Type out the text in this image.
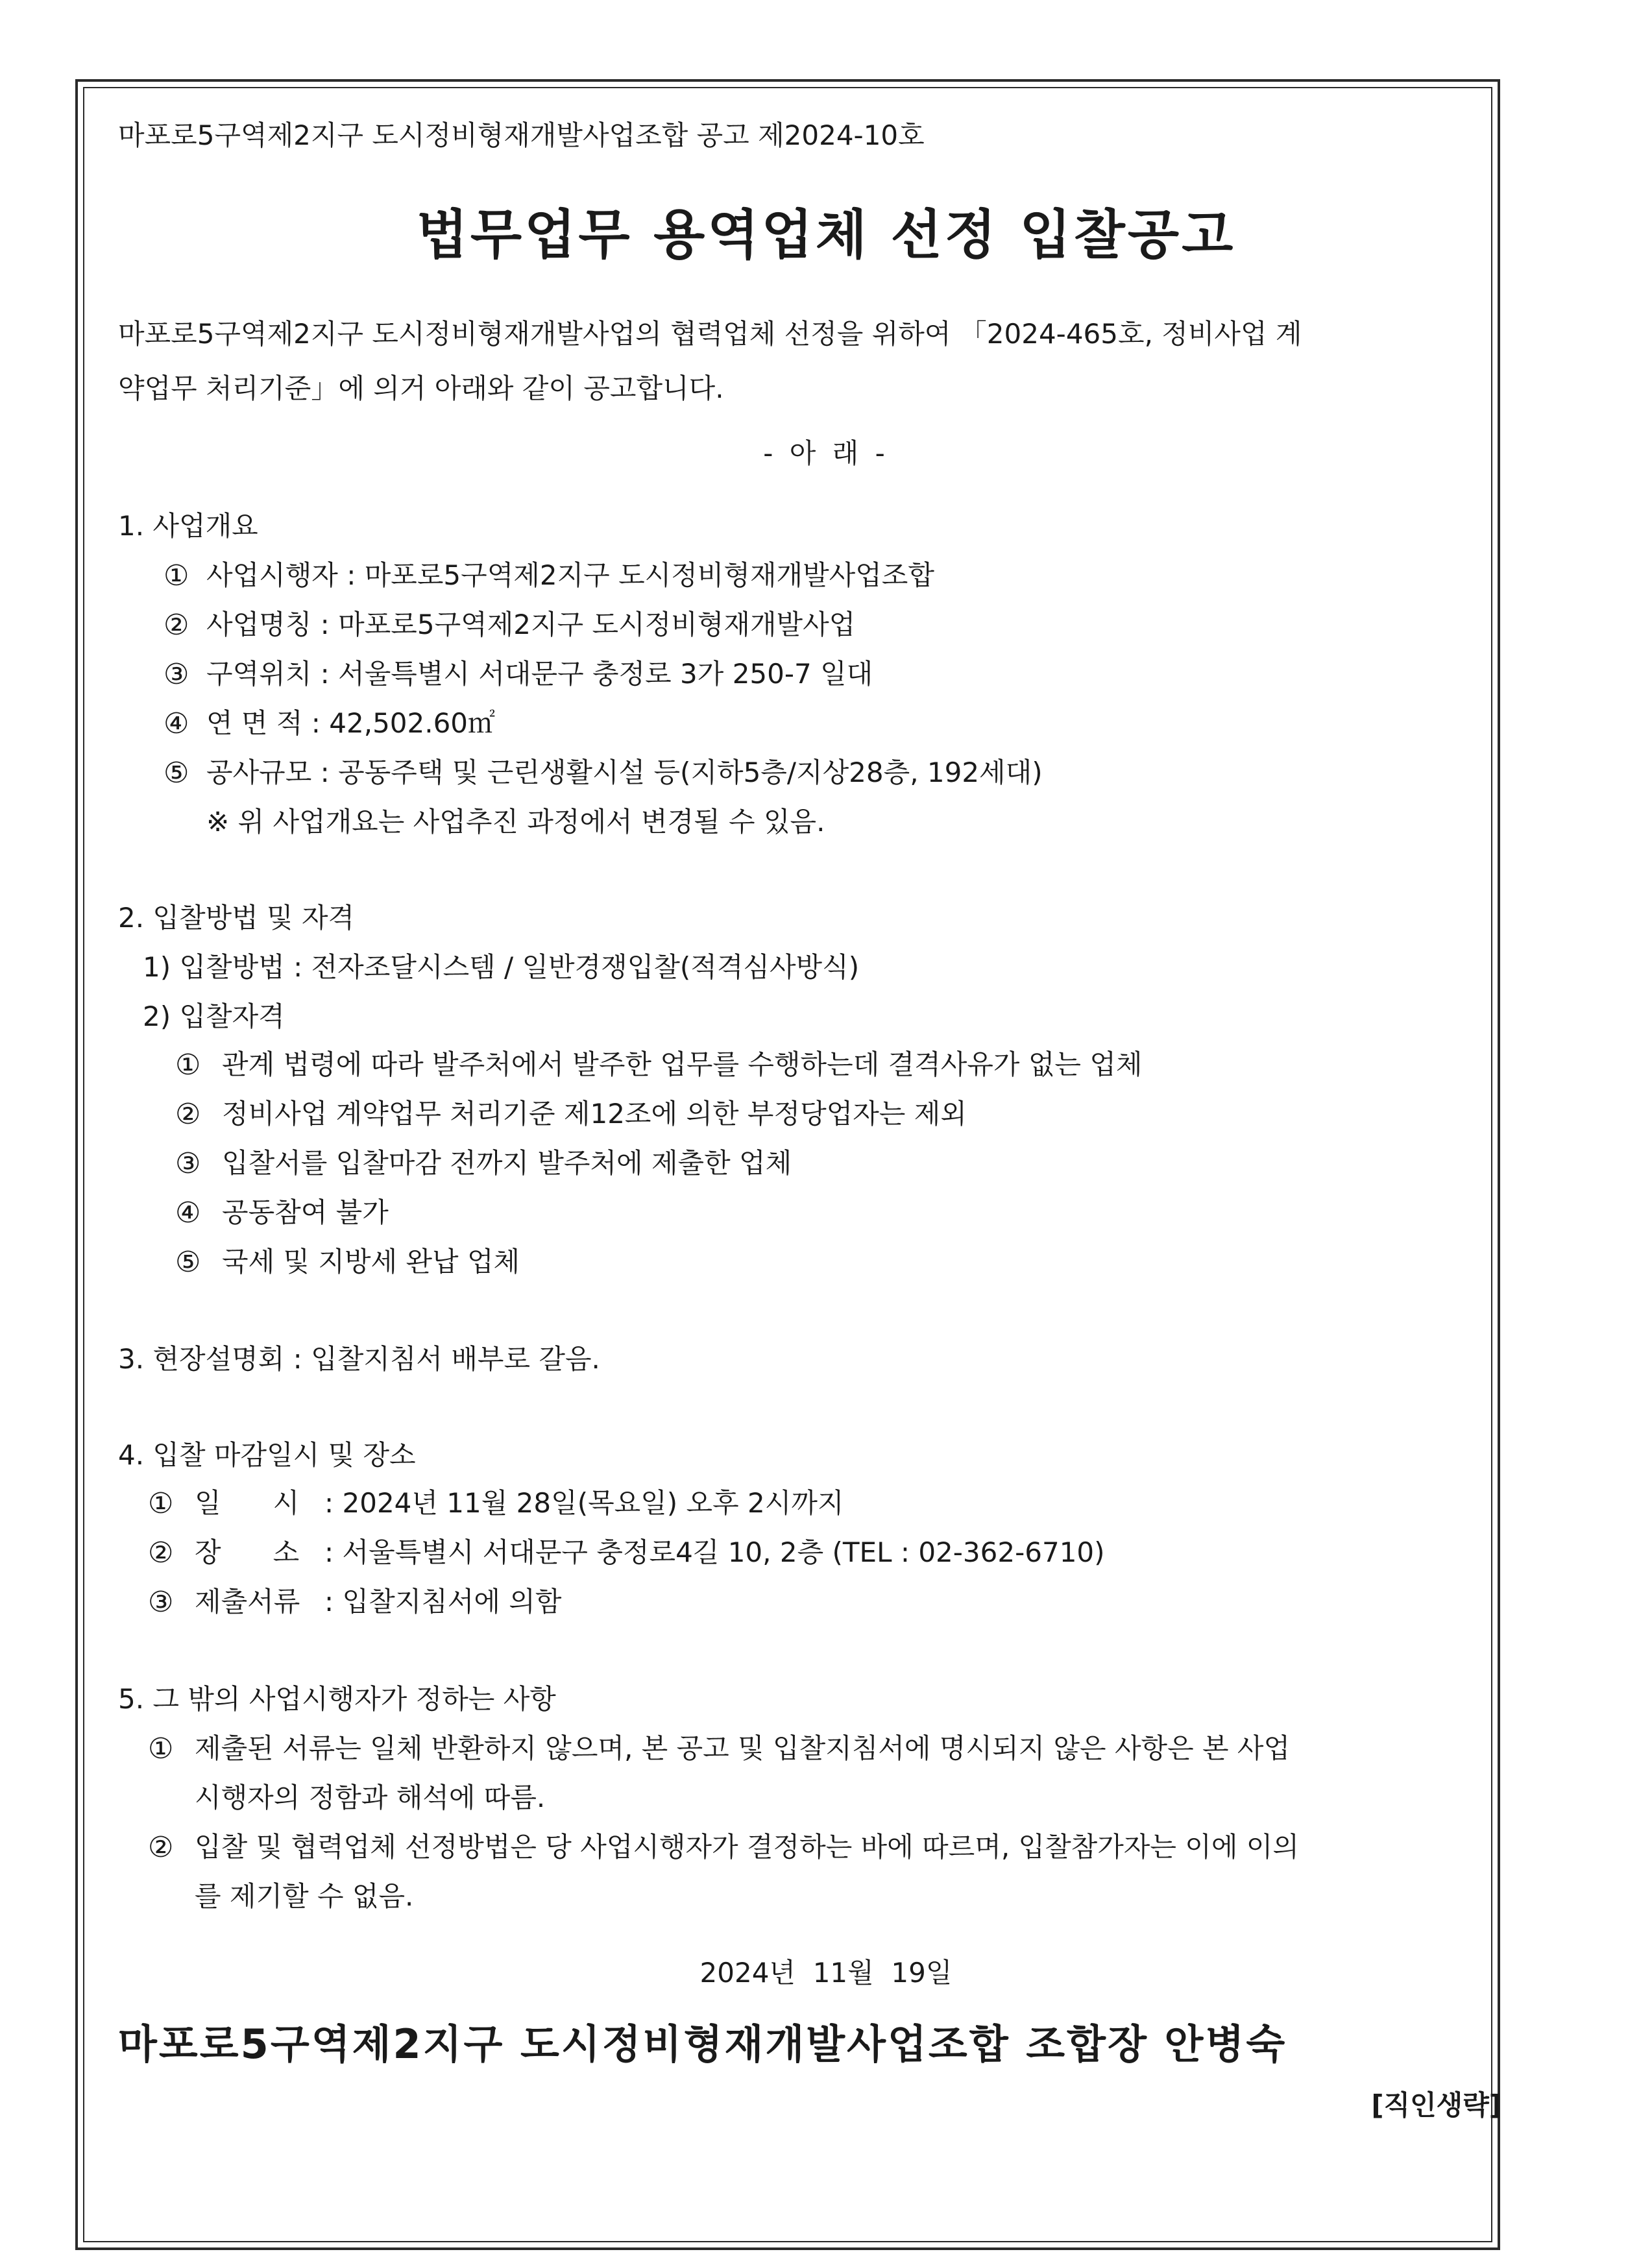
마포로5구역제2지구 도시정비형재개발사업조합 공고 제2024-10호
법무업무 용역업체 선정 입찰공고
마포로5구역제2지구 도시정비형재개발사업의 협력업체 선정을 위하여 「2024-465호, 정비사업 계
약업무 처리기준」에 의거 아래와 같이 공고합니다.
- 아 래 -
1. 사업개요
① 사업시행자 : 마포로5구역제2지구 도시정비형재개발사업조합
② 사업명칭 : 마포로5구역제2지구 도시정비형재개발사업
③ 구역위치 : 서울특별시 서대문구 충정로 3가 250-7 일대
④ 연 면 적 : 42,502.60㎡
⑤ 공사규모 : 공동주택 및 근린생활시설 등(지하5층/지상28층, 192세대)
※ 위 사업개요는 사업추진 과정에서 변경될 수 있음.
2. 입찰방법 및 자격
1) 입찰방법 : 전자조달시스템 / 일반경쟁입찰(적격심사방식)
2) 입찰자격
① 관계 법령에 따라 발주처에서 발주한 업무를 수행하는데 결격사유가 없는 업체
② 정비사업 계약업무 처리기준 제12조에 의한 부정당업자는 제외
③ 입찰서를 입찰마감 전까지 발주처에 제출한 업체
④ 공동참여 불가
⑤ 국세 및 지방세 완납 업체
3. 현장설명회 : 입찰지침서 배부로 갈음.
4. 입찰 마감일시 및 장소
① 일      시 : 2024년 11월 28일(목요일) 오후 2시까지
② 장      소 : 서울특별시 서대문구 충정로4길 10, 2층 (TEL : 02-362-6710)
③ 제출서류 : 입찰지침서에 의함
5. 그 밖의 사업시행자가 정하는 사항
① 제출된 서류는 일체 반환하지 않으며, 본 공고 및 입찰지침서에 명시되지 않은 사항은 본 사업
시행자의 정함과 해석에 따름.
② 입찰 및 협력업체 선정방법은 당 사업시행자가 결정하는 바에 따르며, 입찰참가자는 이에 이의
를 제기할 수 없음.
2024년  11월  19일
마포로5구역제2지구 도시정비형재개발사업조합 조합장 안병숙
[직인생략]
